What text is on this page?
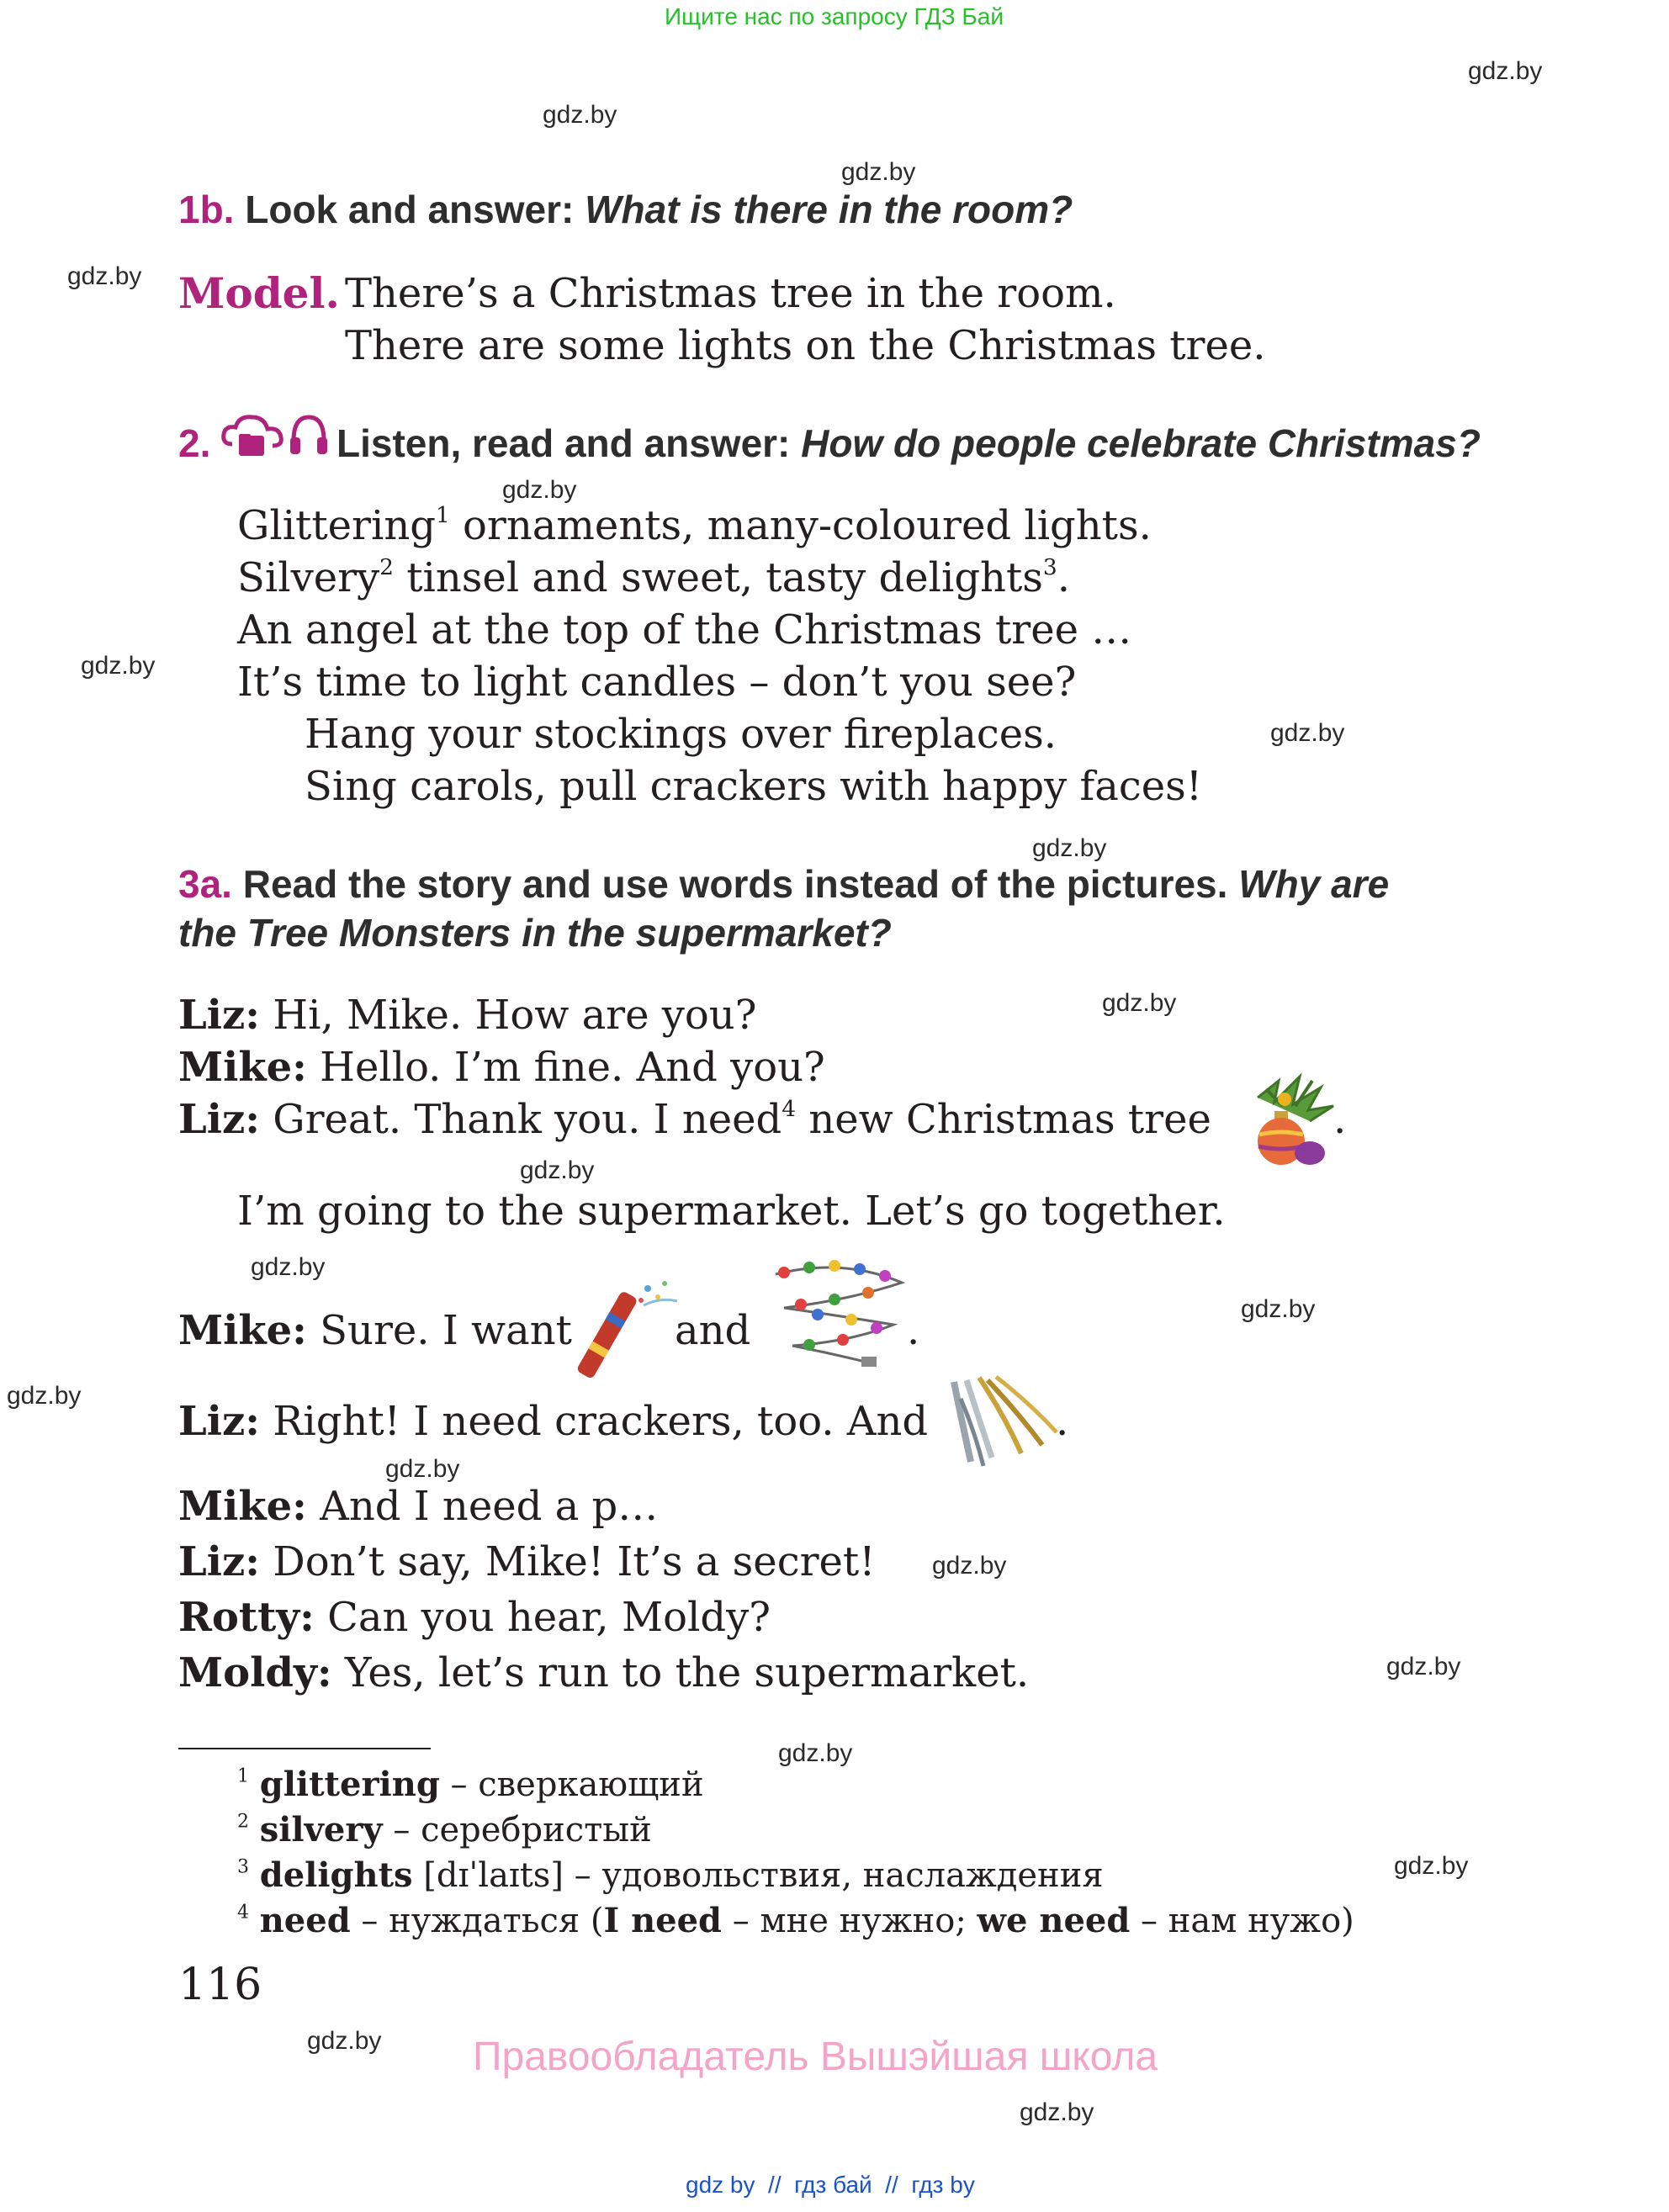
Ищите нас по запросу ГДЗ Бай
gdz.by
gdz.by
gdz.by
gdz.by
gdz.by
gdz.by
gdz.by
gdz.by
gdz.by
gdz.by
gdz.by
gdz.by
gdz.by
gdz.by
gdz.by
gdz.by
gdz.by
gdz.by
gdz.by
gdz.by
1b. Look and answer: What is there in the room?
Model. There’s a Christmas tree in the room.
There are some lights on the Christmas tree.
2.	Listen, read and answer: How do people celebrate Christmas?
Glittering$^1$ ornaments, many-coloured lights.
Silvery$^2$ tinsel and sweet, tasty delights$^3$.
An angel at the top of the Christmas tree …
It’s time to light candles – don’t you see?
Hang your stockings over fireplaces.
Sing carols, pull crackers with happy faces!
3a. Read the story and use words instead of the pictures. Why are
the Tree Monsters in the supermarket?
Liz: Hi, Mike. How are you?
Mike: Hello. I’m fine. And you?
Liz: Great. Thank you. I need$^4$ new Christmas tree	.
I’m going to the supermarket. Let’s go together.
Mike: Sure. I want	and	.
Liz: Right! I need crackers, too. And	.
Mike: And I need a p…
Liz: Don’t say, Mike! It’s a secret!
Rotty: Can you hear, Moldy?
Moldy: Yes, let’s run to the supermarket.
$^1$ glittering – сверкающий
$^2$ silvery – серебристый
$^3$ delights [dɪˈlaɪts] – удовольствия, наслаждения
$^4$ need – нуждаться (I need – мне нужно; we need – нам нужо)
116
Правообладатель Вышэйшая школа
gdz by  //  гдз бай  //  гдз by
